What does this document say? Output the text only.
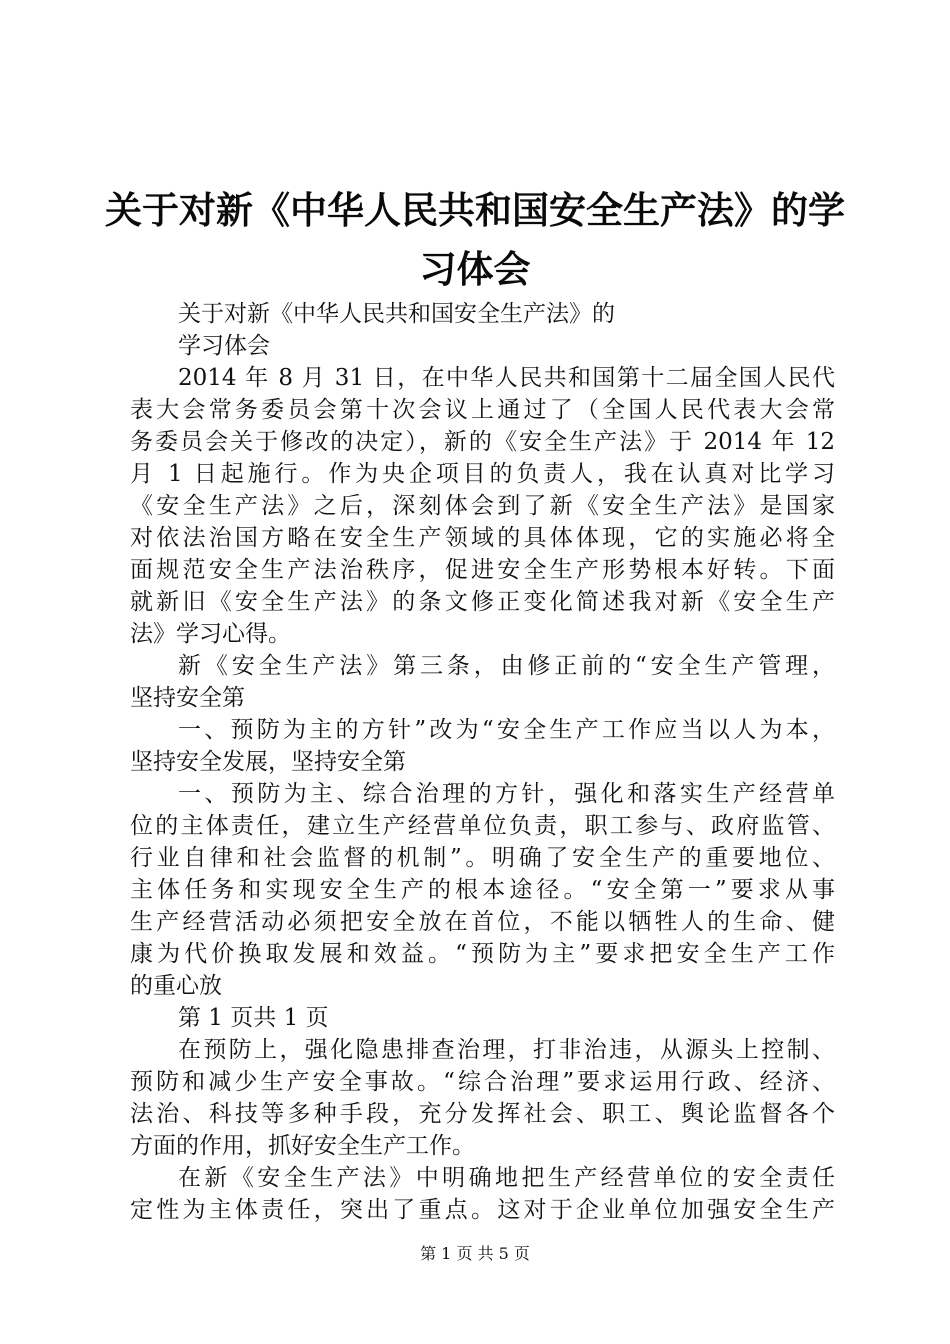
关于对新《中华人民共和国安全生产法》的学
习体会
关于对新《中华人民共和国安全生产法》的
学习体会
2014 年 8 月 31 日，在中华人民共和国第十二届全国人民代
表大会常务委员会第十次会议上通过了（全国人民代表大会常
务委员会关于修改的决定），新的《安全生产法》于 2014 年 12
月 1 日起施行。作为央企项目的负责人，我在认真对比学习
《安全生产法》之后，深刻体会到了新《安全生产法》是国家
对依法治国方略在安全生产领域的具体体现，它的实施必将全
面规范安全生产法治秩序，促进安全生产形势根本好转。下面
就新旧《安全生产法》的条文修正变化简述我对新《安全生产
法》学习心得。
新《安全生产法》第三条，由修正前的“安全生产管理，
坚持安全第
一、预防为主的方针”改为“安全生产工作应当以人为本，
坚持安全发展，坚持安全第
一、预防为主、综合治理的方针，强化和落实生产经营单
位的主体责任，建立生产经营单位负责，职工参与、政府监管、
行业自律和社会监督的机制”。明确了安全生产的重要地位、
主体任务和实现安全生产的根本途径。“安全第一”要求从事
生产经营活动必须把安全放在首位，不能以牺牲人的生命、健
康为代价换取发展和效益。“预防为主”要求把安全生产工作
的重心放
第 1 页共 1 页
在预防上，强化隐患排查治理，打非治违，从源头上控制、
预防和减少生产安全事故。“综合治理”要求运用行政、经济、
法治、科技等多种手段，充分发挥社会、职工、舆论监督各个
方面的作用，抓好安全生产工作。
在新《安全生产法》中明确地把生产经营单位的安全责任
定性为主体责任，突出了重点。这对于企业单位加强安全生产
第 1 页 共 5 页
